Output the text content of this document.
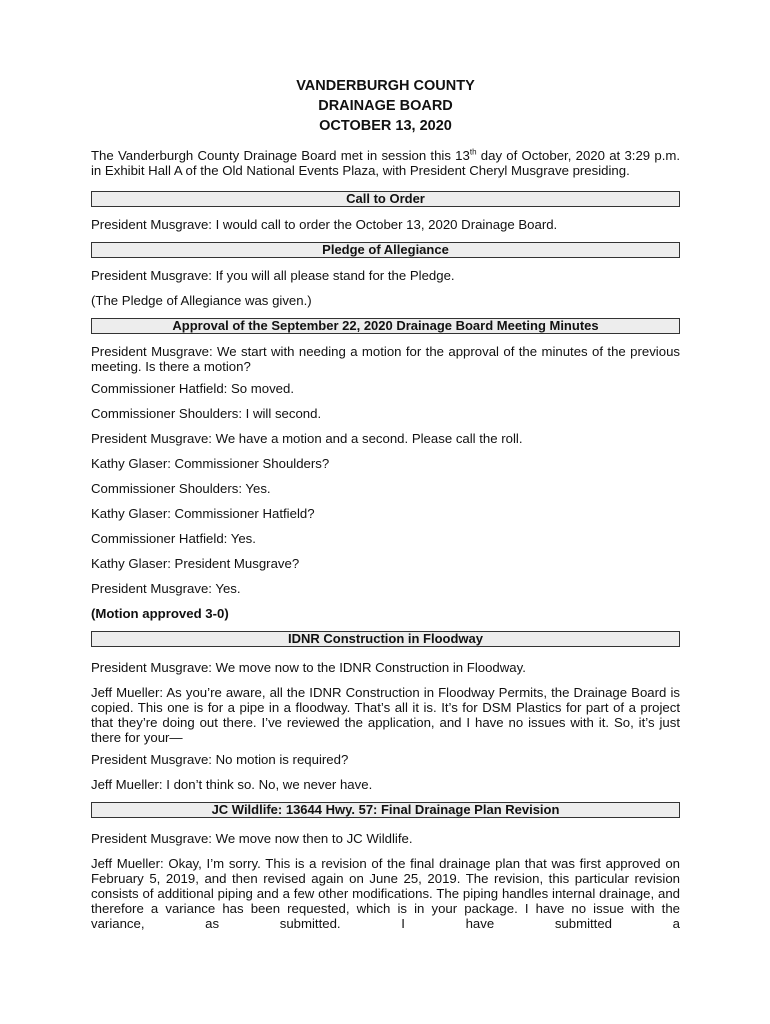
VANDERBURGH COUNTY

DRAINAGE BOARD

OCTOBER 13, 2020

The Vanderburgh County Drainage Board met in session this 13th day of October, 2020 at 3:29 p.m. in Exhibit Hall A of the Old National Events Plaza, with President Cheryl Musgrave presiding.

Call to Order

President Musgrave: I would call to order the October 13, 2020 Drainage Board.

Pledge of Allegiance

President Musgrave: If you will all please stand for the Pledge.

(The Pledge of Allegiance was given.)

Approval of the September 22, 2020 Drainage Board Meeting Minutes

President Musgrave: We start with needing a motion for the approval of the minutes of the previous meeting. Is there a motion?

Commissioner Hatfield: So moved.

Commissioner Shoulders: I will second.

President Musgrave: We have a motion and a second. Please call the roll.

Kathy Glaser: Commissioner Shoulders?

Commissioner Shoulders: Yes.

Kathy Glaser: Commissioner Hatfield?

Commissioner Hatfield: Yes.

Kathy Glaser: President Musgrave?

President Musgrave: Yes.

(Motion approved 3-0)

IDNR Construction in Floodway

President Musgrave: We move now to the IDNR Construction in Floodway.

Jeff Mueller: As you’re aware, all the IDNR Construction in Floodway Permits, the Drainage Board is copied. This one is for a pipe in a floodway. That’s all it is. It’s for DSM Plastics for part of a project that they’re doing out there. I’ve reviewed the application, and I have no issues with it. So, it’s just there for your—

President Musgrave: No motion is required?

Jeff Mueller: I don’t think so. No, we never have.

JC Wildlife: 13644 Hwy. 57: Final Drainage Plan Revision

President Musgrave: We move now then to JC Wildlife.

Jeff Mueller: Okay, I’m sorry. This is a revision of the final drainage plan that was first approved on February 5, 2019, and then revised again on June 25, 2019. The revision, this particular revision consists of additional piping and a few other modifications. The piping handles internal drainage, and therefore a variance has been requested, which is in your package. I have no issue with the variance, as submitted. I have submitted a
